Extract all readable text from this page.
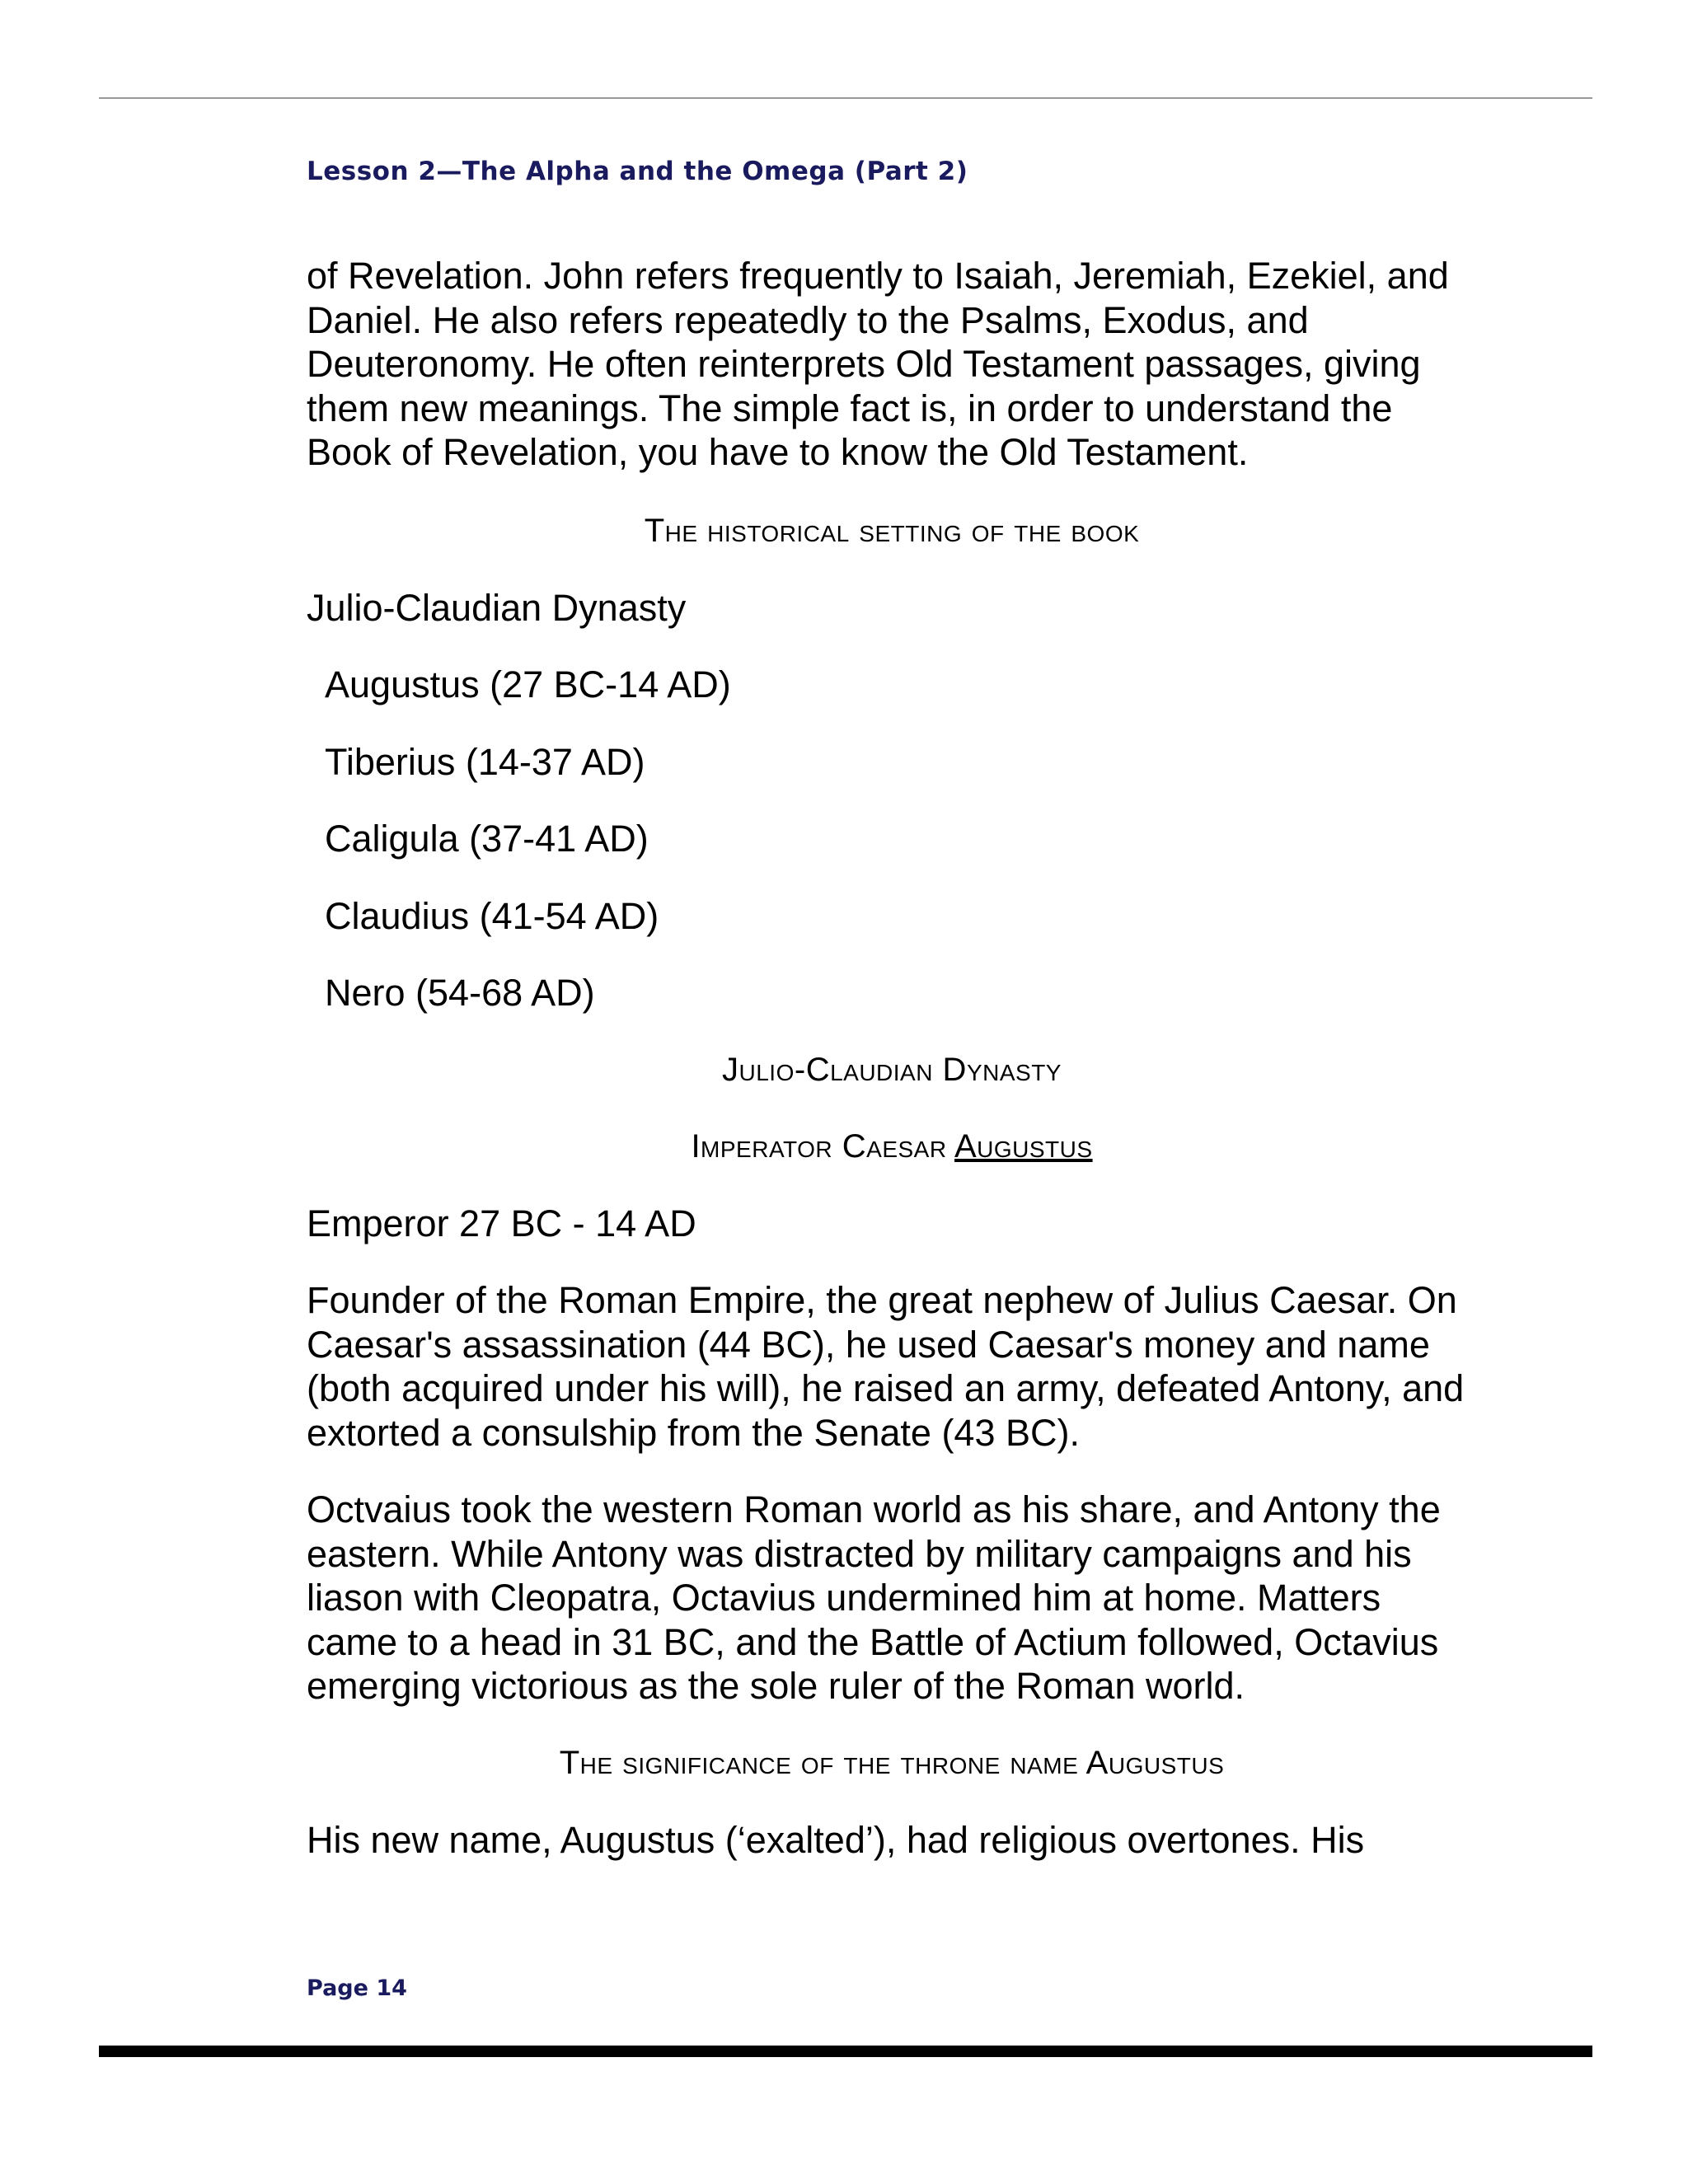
Lesson 2—The Alpha and the Omega (Part 2)

of Revelation. John refers frequently to Isaiah, Jeremiah, Ezekiel, and Daniel. He also refers repeatedly to the Psalms, Exodus, and Deuteronomy. He often reinterprets Old Testament passages, giving them new meanings. The simple fact is, in order to understand the Book of Revelation, you have to know the Old Testament.

The historical setting of the book

Julio-Claudian Dynasty

Augustus (27 BC-14 AD)

Tiberius (14-37 AD)

Caligula (37-41 AD)

Claudius (41-54 AD)

Nero (54-68 AD)

Julio-Claudian Dynasty
Imperator Caesar Augustus

Emperor 27 BC - 14 AD

Founder of the Roman Empire, the great nephew of Julius Caesar. On Caesar's assassination (44 BC), he used Caesar's money and name (both acquired under his will), he raised an army, defeated Antony, and extorted a consulship from the Senate (43 BC).

Octvaius took the western Roman world as his share, and Antony the eastern. While Antony was distracted by military campaigns and his liason with Cleopatra, Octavius undermined him at home. Matters came to a head in 31 BC, and the Battle of Actium followed, Octavius emerging victorious as the sole ruler of the Roman world.

The significance of the throne name Augustus

His new name, Augustus (‘exalted’), had religious overtones. His

Page 14
